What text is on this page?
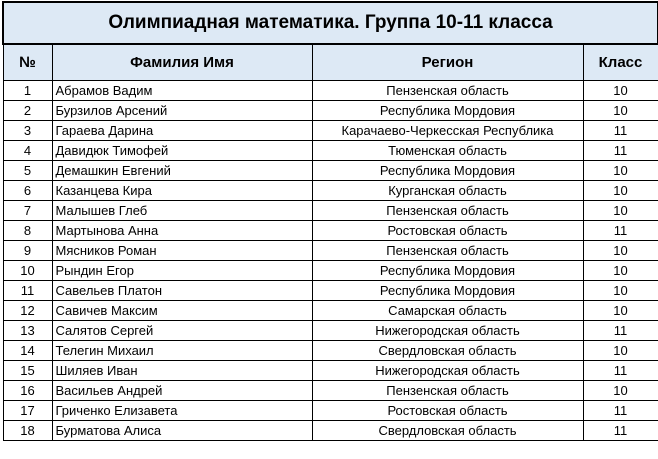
Олимпиадная математика. Группа 10-11 класса			
№	Фамилия Имя	Регион	Класс
1	Абрамов Вадим	Пензенская область	10
2	Бурзилов Арсений	Республика Мордовия	10
3	Гараева Дарина	Карачаево-Черкесская Республика	11
4	Давидюк Тимофей	Тюменская область	11
5	Демашкин Евгений	Республика Мордовия	10
6	Казанцева Кира	Курганская область	10
7	Малышев Глеб	Пензенская область	10
8	Мартынова Анна	Ростовская область	11
9	Мясников Роман	Пензенская область	10
10	Рындин Егор	Республика Мордовия	10
11	Савельев Платон	Республика Мордовия	10
12	Савичев Максим	Самарская область	10
13	Салятов Сергей	Нижегородская область	11
14	Телегин Михаил	Свердловская область	10
15	Шиляев Иван	Нижегородская область	11
16	Васильев Андрей	Пензенская область	10
17	Гриченко Елизавета	Ростовская область	11
18	Бурматова Алиса	Свердловская область	11
